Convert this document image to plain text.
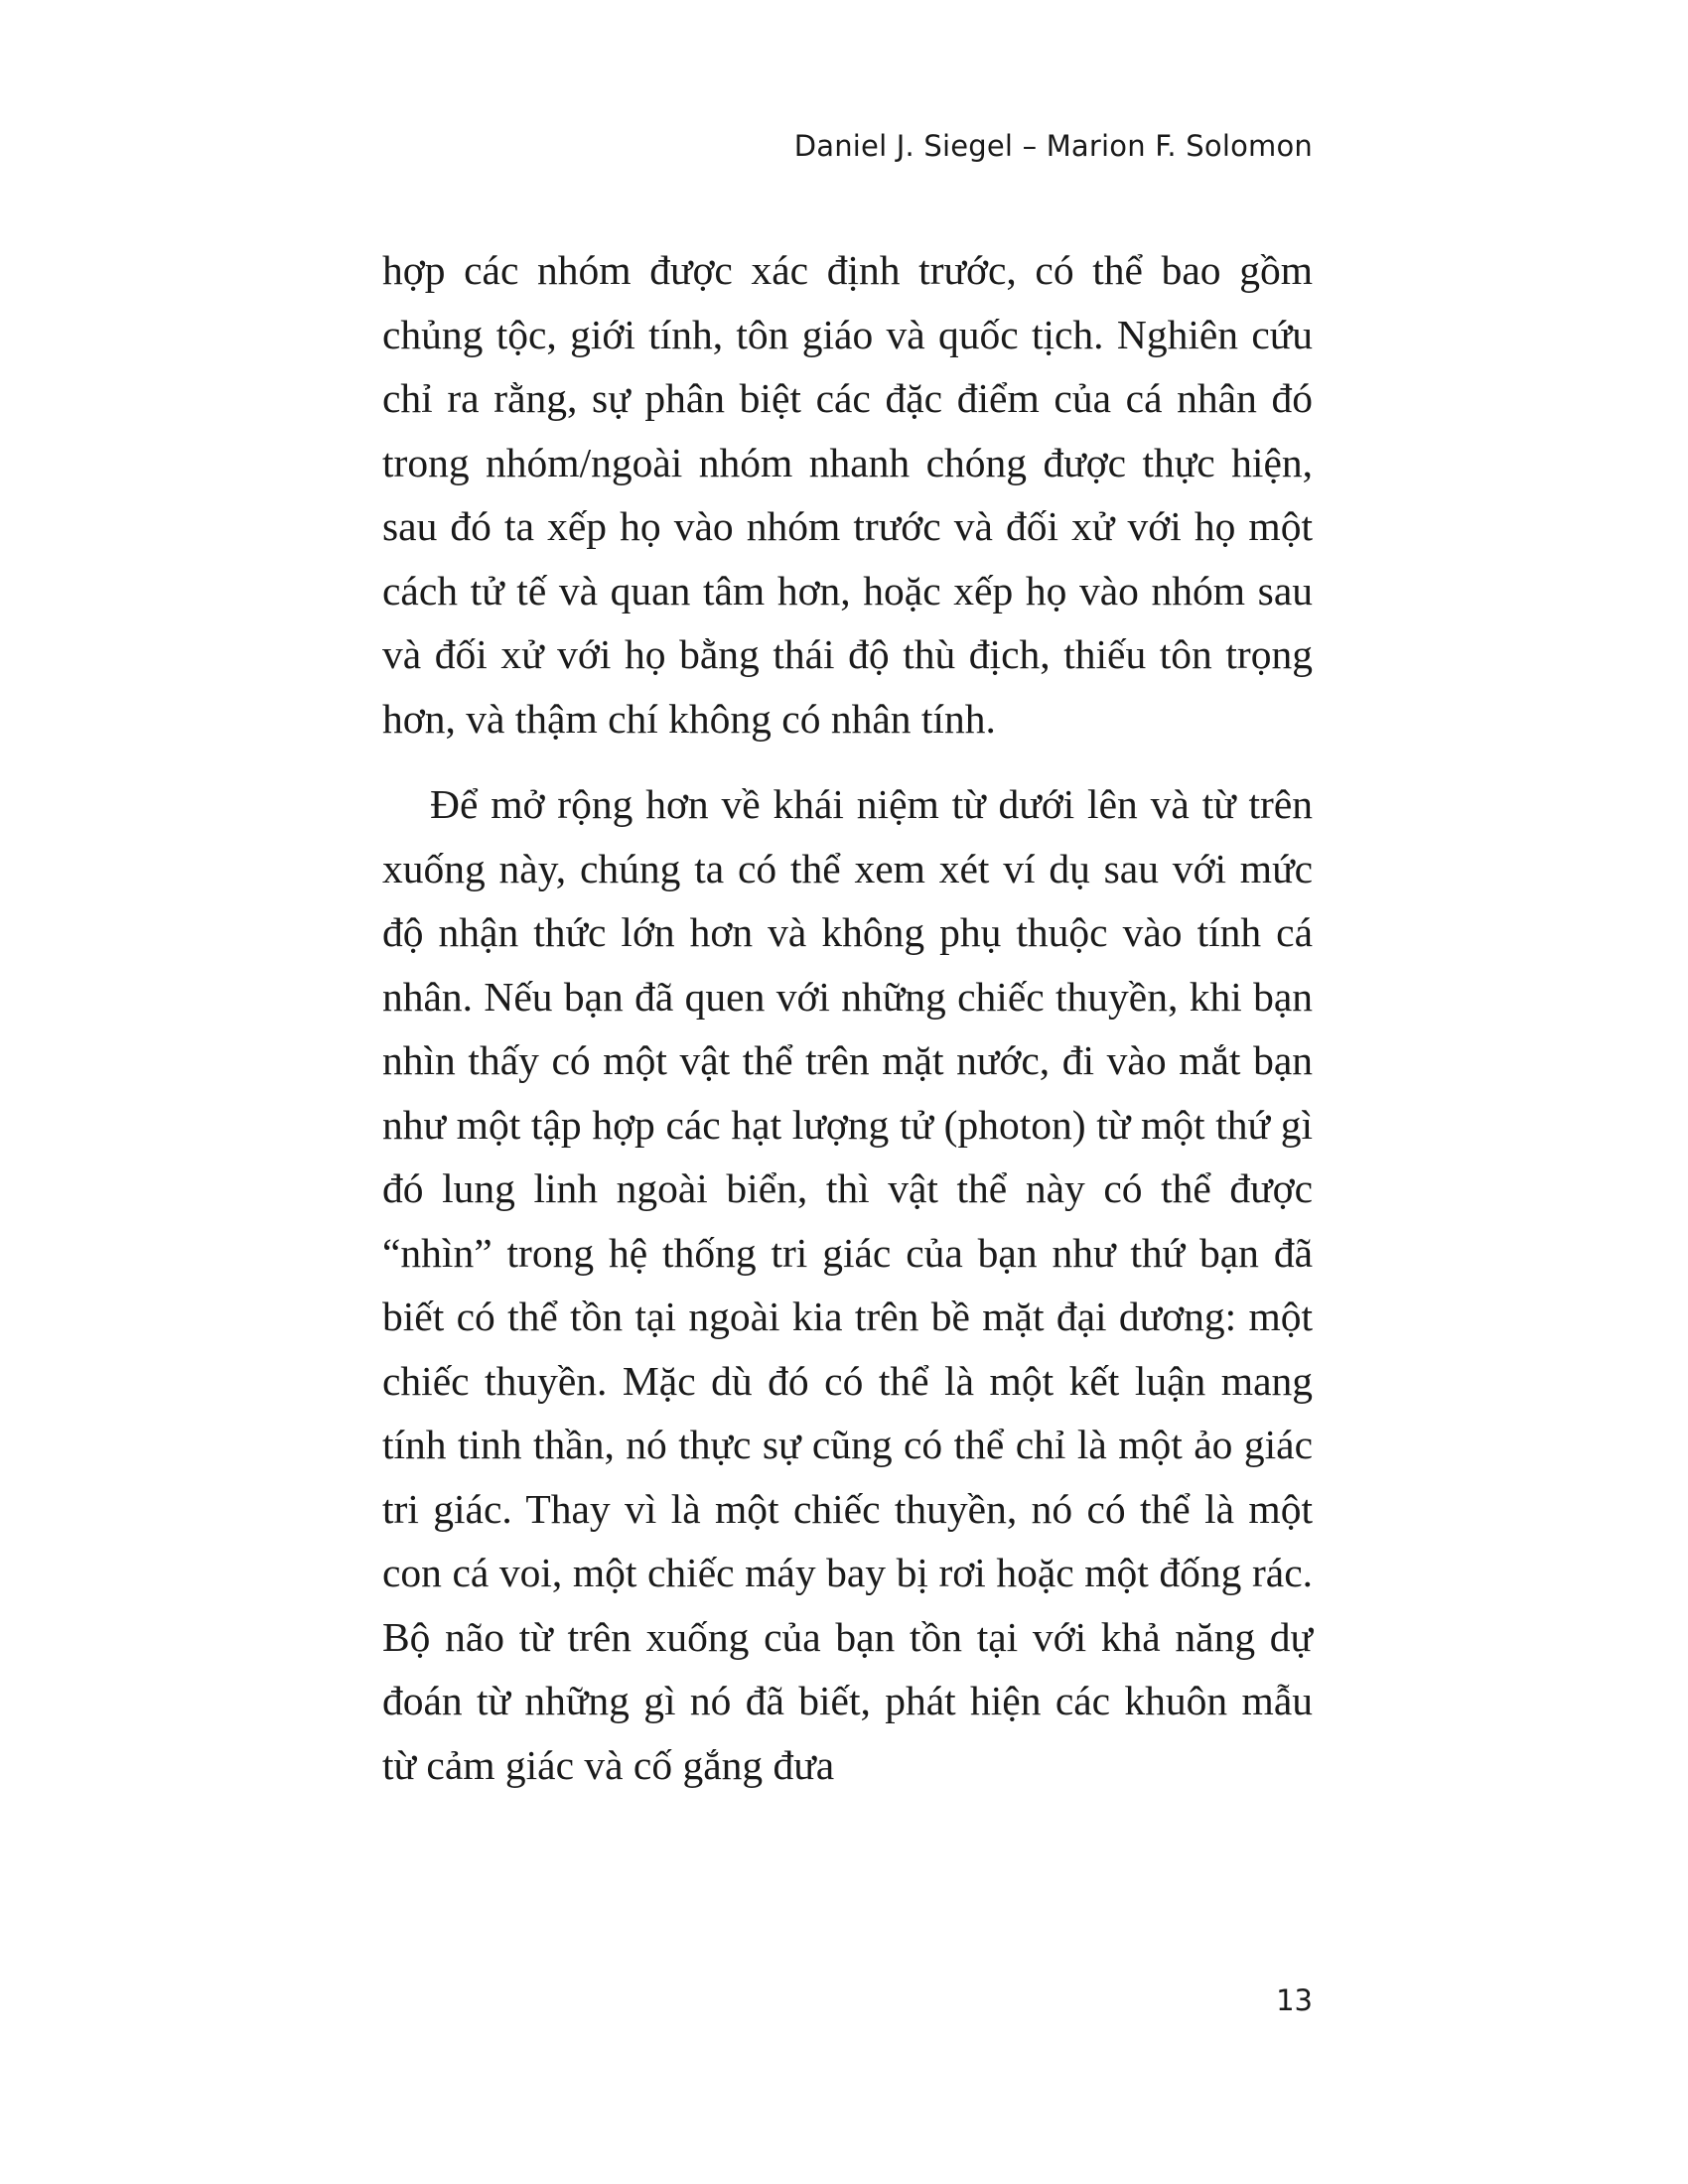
Daniel J. Siegel – Marion F. Solomon

hợp các nhóm được xác định trước, có thể bao gồm chủng tộc, giới tính, tôn giáo và quốc tịch. Nghiên cứu chỉ ra rằng, sự phân biệt các đặc điểm của cá nhân đó trong nhóm/ngoài nhóm nhanh chóng được thực hiện, sau đó ta xếp họ vào nhóm trước và đối xử với họ một cách tử tế và quan tâm hơn, hoặc xếp họ vào nhóm sau và đối xử với họ bằng thái độ thù địch, thiếu tôn trọng hơn, và thậm chí không có nhân tính.

Để mở rộng hơn về khái niệm từ dưới lên và từ trên xuống này, chúng ta có thể xem xét ví dụ sau với mức độ nhận thức lớn hơn và không phụ thuộc vào tính cá nhân. Nếu bạn đã quen với những chiếc thuyền, khi bạn nhìn thấy có một vật thể trên mặt nước, đi vào mắt bạn như một tập hợp các hạt lượng tử (photon) từ một thứ gì đó lung linh ngoài biển, thì vật thể này có thể được “nhìn” trong hệ thống tri giác của bạn như thứ bạn đã biết có thể tồn tại ngoài kia trên bề mặt đại dương: một chiếc thuyền. Mặc dù đó có thể là một kết luận mang tính tinh thần, nó thực sự cũng có thể chỉ là một ảo giác tri giác. Thay vì là một chiếc thuyền, nó có thể là một con cá voi, một chiếc máy bay bị rơi hoặc một đống rác. Bộ não từ trên xuống của bạn tồn tại với khả năng dự đoán từ những gì nó đã biết, phát hiện các khuôn mẫu từ cảm giác và cố gắng đưa

13
